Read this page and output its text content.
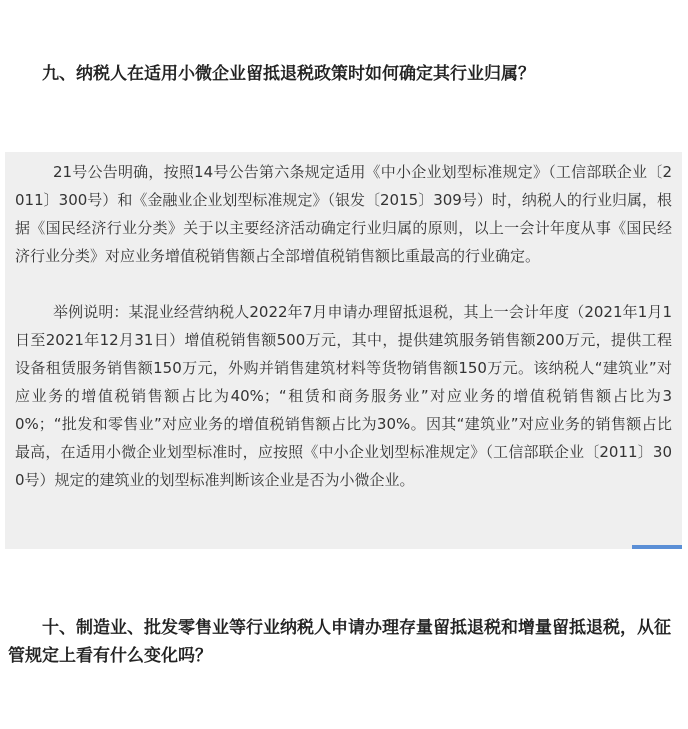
九、纳税人在适用小微企业留抵退税政策时如何确定其行业归属？

21号公告明确，按照14号公告第六条规定适用《中小企业划型标准规定》（工信部联企业〔2011〕300号）和《金融业企业划型标准规定》（银发〔2015〕309号）时，纳税人的行业归属，根据《国民经济行业分类》关于以主要经济活动确定行业归属的原则，以上一会计年度从事《国民经济行业分类》对应业务增值税销售额占全部增值税销售额比重最高的行业确定。

举例说明：某混业经营纳税人2022年7月申请办理留抵退税，其上一会计年度（2021年1月1日至2021年12月31日）增值税销售额500万元，其中，提供建筑服务销售额200万元，提供工程设备租赁服务销售额150万元，外购并销售建筑材料等货物销售额150万元。该纳税人“建筑业”对应业务的增值税销售额占比为40%；“租赁和商务服务业”对应业务的增值税销售额占比为30%；“批发和零售业”对应业务的增值税销售额占比为30%。因其“建筑业”对应业务的销售额占比最高，在适用小微企业划型标准时，应按照《中小企业划型标准规定》（工信部联企业〔2011〕300号）规定的建筑业的划型标准判断该企业是否为小微企业。

十、制造业、批发零售业等行业纳税人申请办理存量留抵退税和增量留抵退税，从征管规定上看有什么变化吗？
